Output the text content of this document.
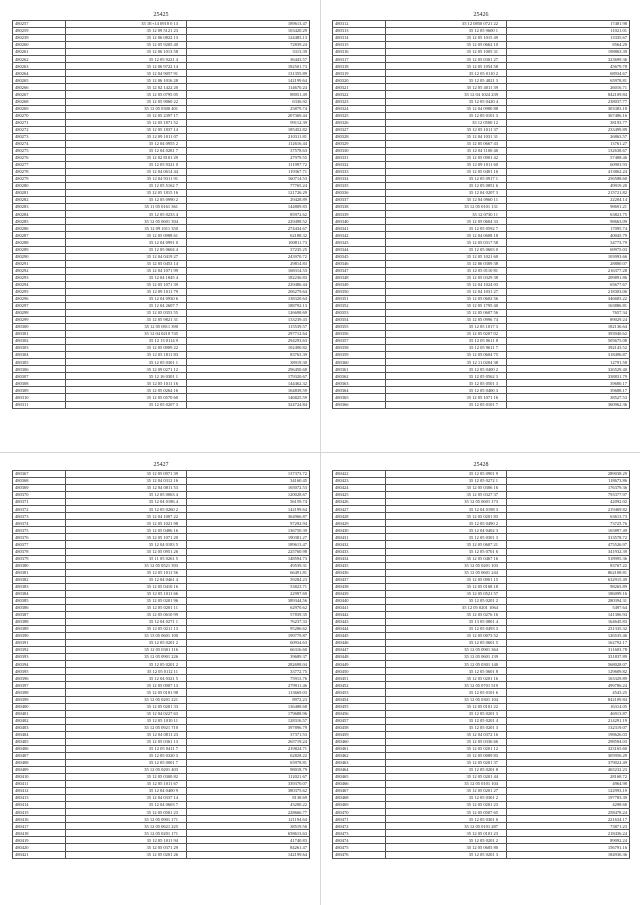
25425
480257	35 1E+14 0918 0 13	189613.47
480259	35 12 09 5121 23	103420.29
480239	35 12 06 0822 13	124483.13
480260	35 12 05 9205 40	72839.24
480261	35 12 06 1013 58	3313.39
480262	35 12 05 9221 4	36443.57
480263	35 12 06 9722 14	182501.73
480264	35 12 04 9057 91	131355.89
480265	35 12 06 1016 28	142199.64
480266	35 12 02 1422 20	114670.24
480267	35 12 05 0795 05	88051.49
480268	35 12 05 9060 22	6336.92
480269	35 12 05 0300 401	25879.74
480270	35 12 05 2397 17	207369.44
480271	35 12 05 1871 52	99112.39
480272	35 12 05 1837 14	185452.82
480273	35 12 09 1011 07	210311.81
480274	35 12 04 0955 2	112616.44
480275	35 12 04 0281 7	37578.63
480276	35 12 02 8101 29	27979.55
480277	35 12 05 9321 0	111997.72
480278	35 12 04 0614 44	119367.71
480279	35 12 04 9311 91	160714.53
480280	35 12 05 5162 7	77765.24
480281	35 12 05 1815 16	121726.29
480282	35 12 05 0990 2	29428.89
480283	35 11 05 0161 361	144809.83
480284	35 12 05 0233 4	85972.62
480285	35 12 05 0601 394	229498.52
480286	35 12 09 1011 350	274434.67
480287	35 12 05 0988 61	62188.32
480288	35 12 04 0991 0	100811.73
480289	35 12 05 0604 4	37235.25
480290	35 12 04 0419 27	243970.72
480291	35 12 05 0453 14	29814.83
480292	35 12 04 1071 99	168314.53
480293	35 12 04 1845 4	182236.83
480294	35 12 05 1071 39	229486.44
480295	35 12 09 1011 79	206279.64
480296	35 12 04 0930 6	138320.64
480297	35 12 04 2607 7	188792.13
480298	35 12 05 0353 55	126698.69
480299	35 12 05 9821 31	133239.43
480300	35 12 05 0811 390	115539.57
480301	35 12 04 0210 745	297712.64
480302	35 12 13 0114 9	294293.63
480303	35 12 05 0909 22	102490.82
480304	35 12 05 1811 83	83763.39
480305	35 12 05 0301 1	38919.30
480306	35 12 09 0271 12	296450.68
480307	35 12 16 0301 1	179320.67
480308	35 12 05 1011 16	144462.32
480309	35 12 05 0264 16	164839.59
480310	35 12 05 0570 60	146825.59
480311	35 12 05 0207 3	324724.84
25426
480312	35 12 0850 0721 22	17481.98
480313	35 12 05 9600 1	11021.01
480314	35 12 05 1015 49	13335.67
480315	35 12 05 0662 10	8564.20
480316	35 12 05 1005 31	198863.39
480317	35 12 05 0301 27	323699.36
480318	35 12 05 1054 58	45679.78
480319	35 12 05 0110 2	68934.67
480320	35 12 05 4021 3	65978.81
480321	35 12 05 4011 39	26016.71
480322	35 12 04 1024 239	842109.84
480323	35 12 05 0420 4	238037.77
480324	35 12 04 0980 88	303383.18
480325	35 12 05 0101 3	367486.16
480326	35 12 0500 12	38193.77
480327	35 12 05 1011 37	233499.89
480328	35 12 04 1031 31	26863.57
480329	35 12 05 0667 43	13761.27
480330	35 12 04 1100 40	132638.67
480331	35 12 05 0901 42	57408.46
480332	35 12 09 1011 60	60903.93
480333	35 12 05 0401 16	413862.24
480334	35 12 05 0917 1	256588.60
480335	35 12 05 0851 6	49919.20
480336	35 12 04 0207 3	215721.82
480337	35 12 04 0960 11	22204.14
480338	35 12 05 0101 131	98691.21
480339	35 12 0730 11	63821.75
480340	35 12 05 0604 33	98663.09
480341	35 12 05 0592 7	17095.74
480342	35 12 04 0608 18	40045.79
480343	35 12 05 0317 58	34773.79
480344	35 12 05 0603 0	69975.03
480345	35 12 05 1021 60	103993.66
480346	35 12 06 0309 38	28880.07
480347	35 12 05 0110 81	216377.28
480348	35 12 05 0329 38	209891.86
480349	35 12 04 1024 03	65677.67
480350	35 12 04 1031 27	218303.06
480351	35 12 05 0602 56	346683.22
480352	35 12 05 1795 40	163886.81
480353	35 12 05 0607 56	7657.34
480354	35 12 05 0996 74	89029.24
480355	35 12 05 1017 3	182136.64
480356	35 12 05 0207 02	393940.62
480357	35 12 05 0611 8	505675.08
480358	35 12 05 9611 7	392143.52
480359	35 12 05 0604 75	318496.87
480360	35 12 11 0204 38	12791.58
480361	35 12 05 0400 2	326529.40
480362	35 12 05 0562 3	338831.79
480363	35 12 05 0501 3	39680.17
480364	35 12 05 0400 3	39688.17
480365	35 12 05 1071 16	38527.53
480366	35 12 05 0101 7	360962.36
25427
480367	35 12 05 0971 39	137373.72
480368	35 12 04 0312 16	34160.45
480369	35 12 04 0811 53	165072.53
480370	35 12 05 0063 4	120028.67
480371	35 12 04 0186 4	56159.74
480372	35 12 05 0260 2	142199.64
480373	35 12 04 1007 22	364966.87
480374	35 12 05 1021 98	97292.94
480375	35 12 05 0406 16	136750.39
480376	35 12 05 1071 20	190381.27
480377	35 12 04 0183 5	189613.47
480378	35 12 05 0951 26	225760.98
480379	35 11 05 0261 5	148594.73
480380	35 12 05 0521 393	49539.31
480381	35 12 05 1011 56	66491.81
480382	35 12 04 0461 4	39284.23
480383	35 12 05 0410 16	53823.71
480384	35 12 05 1011 66	22997.69
480385	35 12 05 0201 96	389344.56
480386	35 12 05 0201 11	62970.62
480387	35 12 05 0610 99	57839.35
480388	35 12 04 0271 1	76237.33
480389	35 12 05 0211 13	95286.62
480390	35 13 05 0601 100	199779.87
480391	35 12 05 0201 2	60934.63
480392	35 12 05 0301 116	66316.60
480393	35 12 05 0901 226	39689.37
480394	35 12 05 0201 2	282698.04
480395	35 12 05 0112 11	33772.75
480396	35 12 04 0321 5	75913.76
480397	35 12 05 0907 13	279911.46
480398	35 12 05 0181 98	113669.03
480399	35 12 05 0201 221	8972.23
480400	35 12 05 0201 33	136488.68
480401	35 12 04 0227 63	179688.96
480402	35 12 05 1010 11	128316.57
480403	35 12 05 0921 710	397896.79
480404	35 12 04 0811 23	37371.53
480405	35 12 05 0361 13	265719.24
480406	35 12 05 0411 7	219824.71
480407	35 12 05 0320 3	62828.22
480408	35 12 05 0001 7	65978.81
480409	35 12 05 0201 403	98018.79
480410	35 12 05 0300 82	112021.67
480411	35 12 05 1011 67	339370.07
480412	35 12 04 0400 9	380375.62
480413	35 12 04 0337 14	8138.69
480414	35 12 04 0603 7	43200.22
480415	35 12 05 0501 23	228666.77
480416	35 12 05 0901 171	121194.64
480417	35 12 05 0621 225	38519.56
480418	35 12 05 0201 171	658613.63
480419	35 12 05 1011 94	41740.83
480420	35 12 05 0371 29	84261.47
480421	35 12 05 0201 26	142199.64
25428
480422	35 12 05 0901 9	289038.29
480423	35 12 05 0272 1	118673.86
480424	35 12 05 0306 16	176379.36
480425	35 12 05 0327 37	793377.97
480426	35 12 05 0601 173	42092.02
480427	35 12 04 0198 3	219469.82
480428	35 12 05 0201 83	63613.73
480429	35 12 05 0490 2	73725.76
480430	35 12 04 0402 3	165897.49
480431	35 12 05 0301 3	313578.72
480432	35 12 05 0607 21	475526.97
480433	35 12 05 0701 6	341932.39
480434	35 12 05 0467 16	518995.36
480435	35 12 05 0201 103	83767.22
480436	35 12 05 0601 244	862108.81
480437	35 12 05 0901 15	632915.49
480438	35 12 05 0168 18	98265.89
480439	35 12 05 0521 57	186099.16
480440	35 12 05 0201 2	280394.31
480441	35 12 05 0201 1064	5497.64
480442	35 12 05 0276 16	141306.94
480443	35 13 05 0801 4	164645.83
480444	35 12 05 0493 3	231335.32
480445	35 12 05 0073 52	126535.46
480446	35 12 05 0601 5	162792.17
480447	35 12 05 0901 364	311603.78
480448	35 12 05 0601 139	331837.89
480449	35 12 05 0301 140	568028.07
480450	35 12 05 0601 8	129609.82
480451	35 12 05 0201 16	163329.89
480452	35 12 05 0701 519	499786.24
480453	35 12 05 0101 6	4543.25
480454	35 12 05 0301 104	842109.84
480455	35 12 05 0101 22	16314.05
480456	35 12 05 0201 3	46913.87
480457	35 12 05 0201 4	214291.19
480458	35 12 05 0201 3	132319.07
480459	35 12 04 0372 16	198626.03
480460	35 12 05 0336 66	298594.03
480461	35 12 05 0201 12	323165.60
480462	35 12 05 0089 83	305956.29
480463	35 12 05 0201 37	379022.49
480464	35 12 05 0201 8	465232.23
480465	35 12 05 0201 44	28168.72
480466	35 12 05 0101 104	4964.98
480467	35 12 05 0201 27	122993.19
480468	35 12 05 0301 2	197783.39
480469	35 12 05 0201 23	4298.68
480470	35 12 05 0507 65	258478.24
480471	35 12 05 0301 6	221634.17
480472	35 12 05 0101 287	73871.23
480473	35 12 05 0101 23	218436.24
480474	35 12 05 0201 2	89092.24
480475	35 12 05 0605 80	156791.16
480476	35 12 05 0201 3	184936.36
